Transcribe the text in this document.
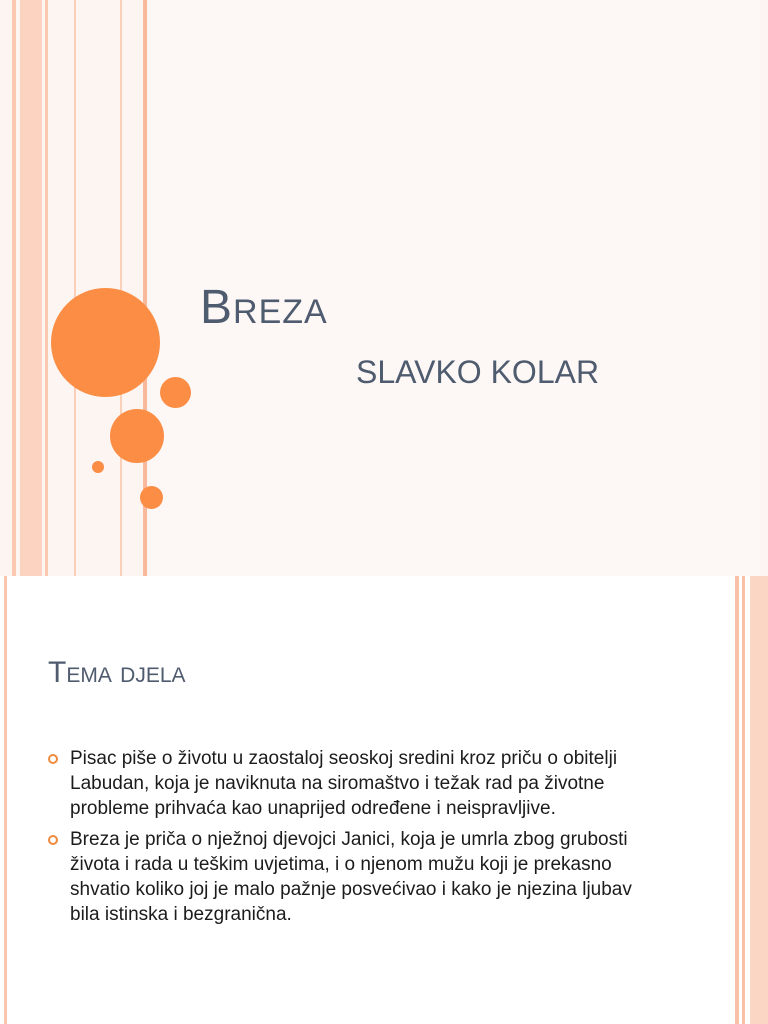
Breza
SLAVKO KOLAR
Tema djela
Pisac piše o životu u zaostaloj seoskoj sredini kroz priču o obitelji Labudan, koja je naviknuta na siromaštvo i težak rad pa životne probleme prihvaća kao unaprijed određene i neispravljive.
Breza je priča o nježnoj djevojci Janici, koja je umrla zbog grubosti života i rada u teškim uvjetima, i o njenom mužu koji je prekasno shvatio koliko joj je malo pažnje posvećivao i kako je njezina ljubav bila istinska i bezgranična.
